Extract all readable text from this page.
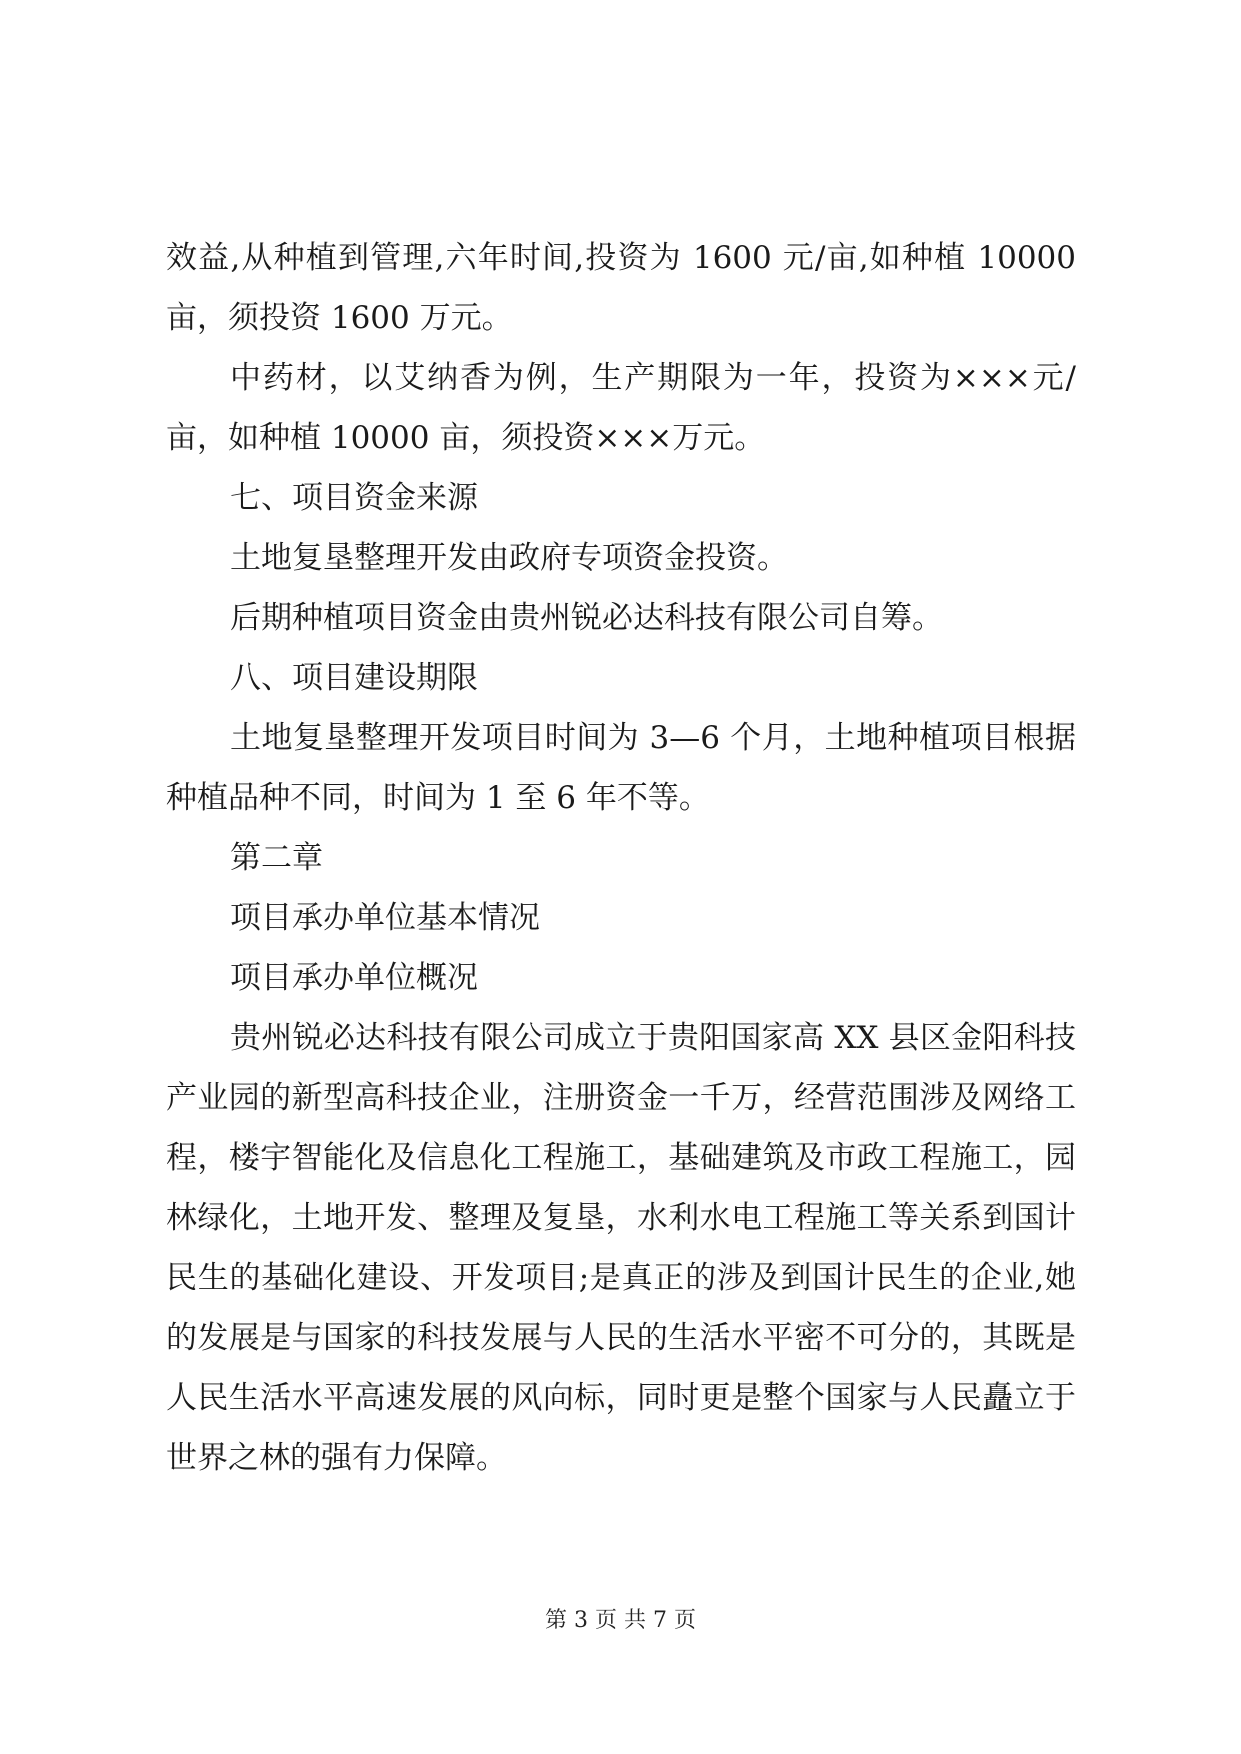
效益,从种植到管理,六年时间,投资为 1600 元/亩,如种植 10000 亩，须投资 1600 万元。

中药材，以艾纳香为例，生产期限为一年，投资为×××元/亩，如种植 10000 亩，须投资×××万元。

七、项目资金来源

土地复垦整理开发由政府专项资金投资。

后期种植项目资金由贵州锐必达科技有限公司自筹。

八、项目建设期限

土地复垦整理开发项目时间为 3—6 个月，土地种植项目根据种植品种不同，时间为 1 至 6 年不等。

第二章

项目承办单位基本情况

项目承办单位概况

贵州锐必达科技有限公司成立于贵阳国家高 XX 县区金阳科技产业园的新型高科技企业，注册资金一千万，经营范围涉及网络工程，楼宇智能化及信息化工程施工，基础建筑及市政工程施工，园林绿化，土地开发、整理及复垦，水利水电工程施工等关系到国计民生的基础化建设、开发项目;是真正的涉及到国计民生的企业,她的发展是与国家的科技发展与人民的生活水平密不可分的，其既是人民生活水平高速发展的风向标，同时更是整个国家与人民矗立于世界之林的强有力保障。

第 3 页 共 7 页
